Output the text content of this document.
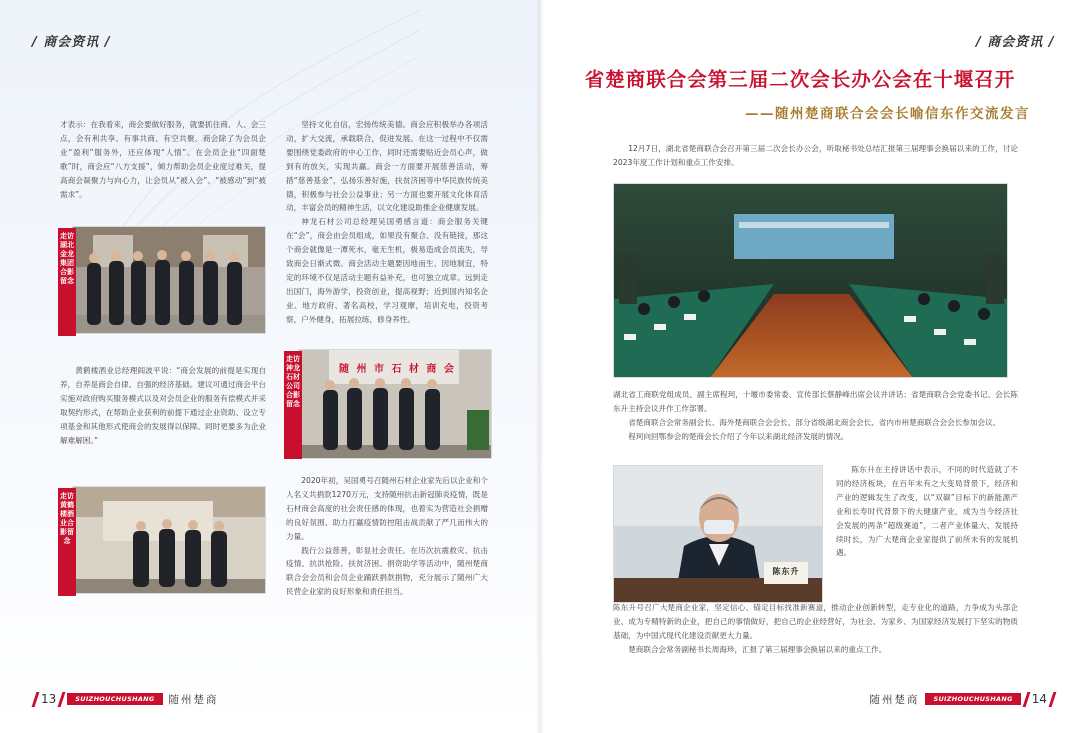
/ 商会资讯 /	/ 商会资讯 /

才表示：在我看来，商会要做好服务，就要抓住商、人、会三点，会有利共享、有事共商、有空共聚。商会除了为会员企业“盈利”服务外，还应体现“人情”。在会员企业“四面楚歌”时，商会应“八方支援”，倾力帮助会员企业度过难关，提高商会凝聚力与向心力，让会员从“被入会”、“被感动”到“被需求”。

走访湖北金龙集团合影留念

黄鹤楼酒业总经理阎波平说：“商会发展的前提是实现自养，自养是商会自律、自强的经济基础。建议可通过商会平台实施对政府购买服务模式以及对会员企业的服务有偿模式并采取契约形式，在帮助企业获利的前提下通过企业资助、设立专项基金和其他形式使商会的发展得以保障。同时更要多为企业解难解困。”

走访黄鹤楼酒业合影留念

坚持文化自信，宏扬传统美德。商会应积极举办各项活动，扩大交流，承载联合，促进发展。在这一过程中不仅需要围绕党委政府的中心工作，同时还需要贴近会员心声，做到有的放矢，实现共赢。商会一方面要开展慈善活动，筹措“慈善基金”，弘扬乐善好施，扶贫济困等中华民族传统美德，积极参与社会公益事业；另一方面也要开展文化体育活动，丰富会员的精神生活，以文化建设助推企业健康发展。

神龙石材公司总经理吴国勇感言道：商会服务关键在“会”，商会由会员组成，如果没有聚合、没有链接，那这个商会就像是一潭死水，毫无生机，极易造成会员流失，导致商会日渐式微。商会活动主题要因地而生、因地制宜，特定的环境不仅是活动主题有益补充，也可独立成章。远到走出国门，海外游学，投资创业，提高视野；近到国内知名企业、地方政府、著名高校，学习观摩，培训充电，投资考察，户外健身，拓展拉练，修身养性。

随 州 市 石 材 商 会
走访神龙石材公司合影留念

2020年初，吴国勇号召随州石材企业家先后以企业和个人名义共捐款1270万元，支持随州抗击新冠肺炎疫情，既是石材商会高度的社会责任感的体现，也着实为营造社会捐赠的良好氛围、助力打赢疫情防控阻击战贡献了严几而伟大的力量。

践行公益慈善，彰显社会责任。在历次抗震救灾、抗击疫情、抗洪抢险、扶贫济困、捐资助学等活动中，随州楚商联合会会员和会员企业踊跃捐款捐物，充分展示了随州广大民营企业家的良好形象和责任担当。

13	SUIZHOUCHUSHANG	随州楚商
省楚商联合会第三届二次会长办公会在十堰召开
——随州楚商联合会会长喻信东作交流发言

12月7日，湖北省楚商联合会召开第三届二次会长办公会，听取秘书处总结汇报第三届理事会换届以来的工作，讨论2023年度工作计划和重点工作安排。

湖北省工商联党组成员、副主席程珂，十堰市委常委、宣传部长蔡静峰出席会议并讲话；省楚商联合会党委书记、会长陈东升主持会议并作工作部署。

省楚商联合会常务副会长、海外楚商联合会会长、部分省级湖北商会会长、省内市州楚商联合会会长参加会议。

程珂向回鄂参会的楚商会长介绍了今年以来湖北经济发展的情况。

陈东升

陈东升在主持讲话中表示，不同的时代造就了不同的经济板块，在百年未有之大变局背景下，经济和产业的逻辑发生了改变，以“双碳”目标下的新能源产业和长寿时代背景下的大健康产业，成为当今经济社会发展的两条“超级赛道”，二者产业体量大、发展持续时长，为广大楚商企业家提供了前所未有的发展机遇。

陈东升号召广大楚商企业家，坚定信心、锚定目标找准新赛道，推动企业创新转型，走专业化的道路，力争成为头部企业、成为专精特新的企业，把自己的事情做好，把自己的企业经营好，为社会、为家乡、为国家经济发展打下坚实的物质基础，为中国式现代化建设贡献更大力量。

楚商联合会常务副秘书长周海珍，汇报了第三届理事会换届以来的重点工作。

随州楚商	SUIZHOUCHUSHANG	14
